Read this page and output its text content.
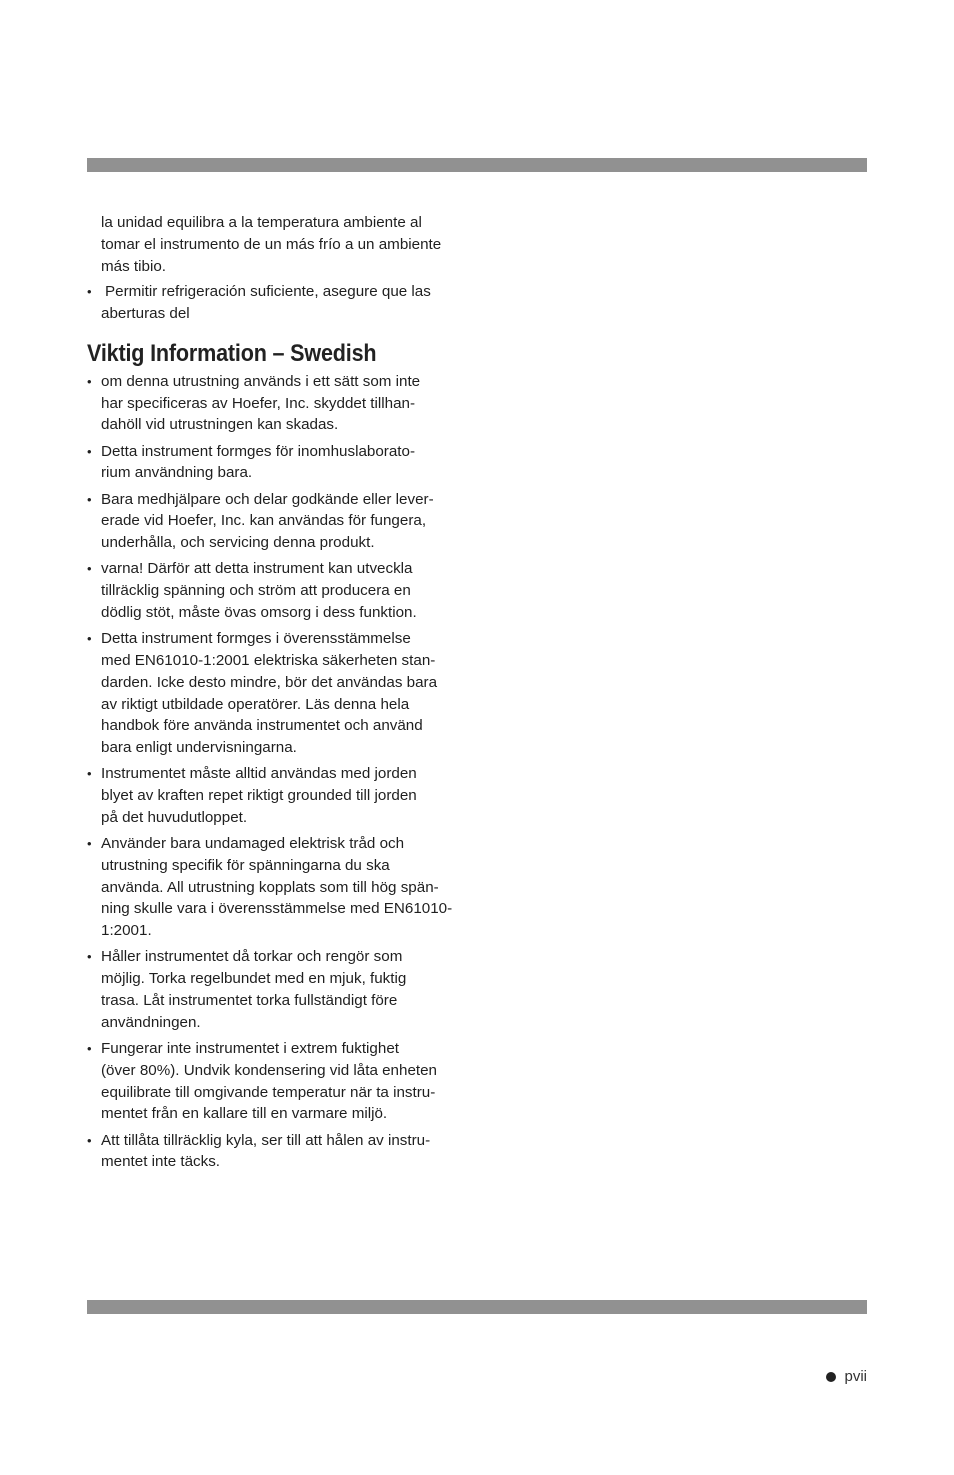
la unidad equilibra a la temperatura ambiente al
tomar el instrumento de un más frío a un ambiente
más tibio.
• Permitir refrigeración suficiente, asegure que las
aberturas del
Viktig Information – Swedish
• om denna utrustning används i ett sätt som inte
har specificeras av Hoefer, Inc. skyddet tillhan-
dahöll vid utrustningen kan skadas.
• Detta instrument formges för inomhuslaborato-
rium användning bara.
• Bara medhjälpare och delar godkände eller lever-
erade vid Hoefer, Inc. kan användas för fungera,
underhålla, och servicing denna produkt.
• varna! Därför att detta instrument kan utveckla
tillräcklig spänning och ström att producera en
dödlig stöt, måste övas omsorg i dess funktion.
• Detta instrument formges i överensstämmelse
med EN61010-1:2001 elektriska säkerheten stan-
darden. Icke desto mindre, bör det användas bara
av riktigt utbildade operatörer. Läs denna hela
handbok före använda instrumentet och använd
bara enligt undervisningarna.
• Instrumentet måste alltid användas med jorden
blyet av kraften repet riktigt grounded till jorden
på det huvudutloppet.
• Använder bara undamaged elektrisk tråd och
utrustning specifik för spänningarna du ska
använda. All utrustning kopplats som till hög spän-
ning skulle vara i överensstämmelse med EN61010-
1:2001.
• Håller instrumentet då torkar och rengör som
möjlig. Torka regelbundet med en mjuk, fuktig
trasa. Låt instrumentet torka fullständigt före
användningen.
• Fungerar inte instrumentet i extrem fuktighet
(över 80%). Undvik kondensering vid låta enheten
equilibrate till omgivande temperatur när ta instru-
mentet från en kallare till en varmare miljö.
• Att tillåta tillräcklig kyla, ser till att hålen av instru-
mentet inte täcks.
pvii
